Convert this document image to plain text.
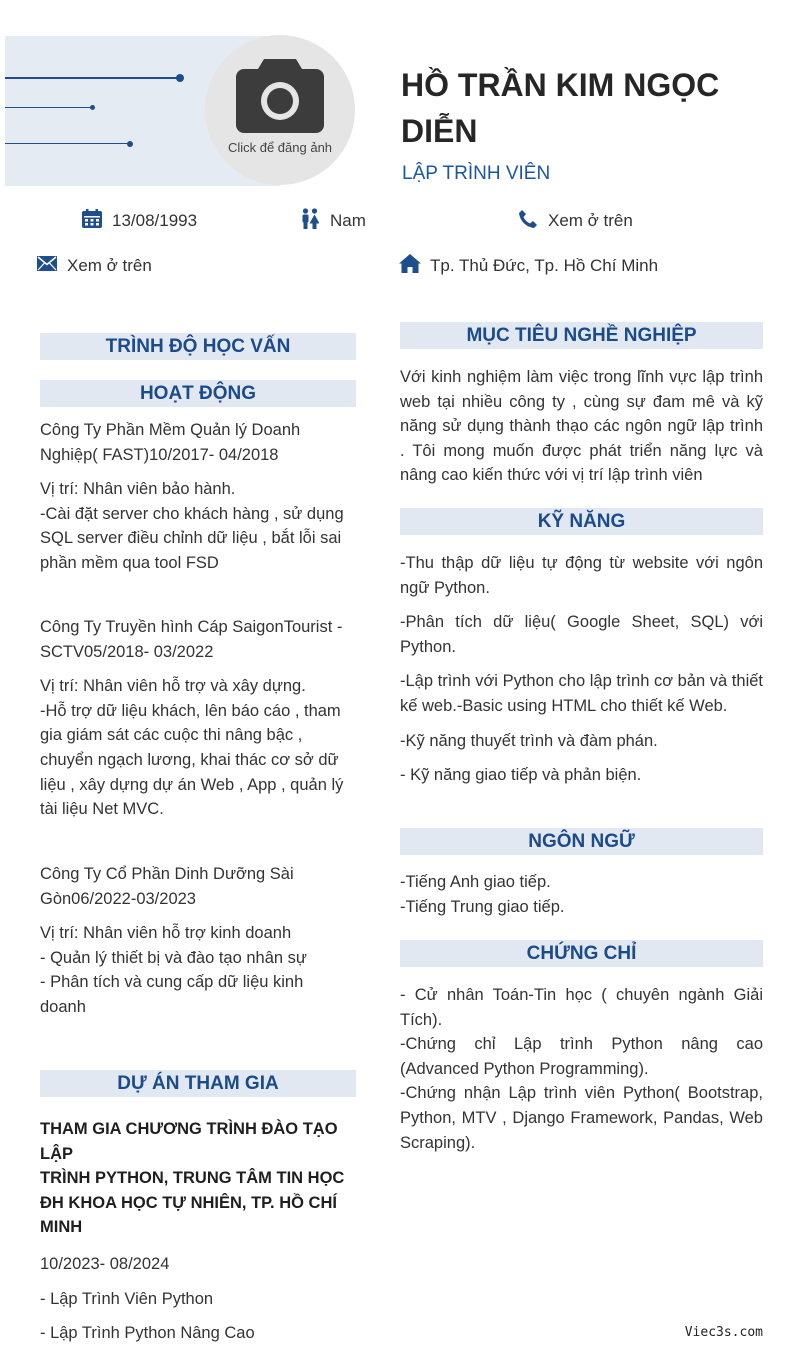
Click để đăng ảnh
HỒ TRẦN KIM NGỌC
DIỄN
LẬP TRÌNH VIÊN
13/08/1993	Nam	Xem ở trên
Xem ở trên	Tp. Thủ Đức, Tp. Hồ Chí Minh
TRÌNH ĐỘ HỌC VẤN
HOẠT ĐỘNG
Công Ty Phần Mềm Quản lý Doanh
Nghiệp( FAST)10/2017- 04/2018
Vị trí: Nhân viên bảo hành.
-Cài đặt server cho khách hàng , sử dụng
SQL server điều chỉnh dữ liệu , bắt lỗi sai
phần mềm qua tool FSD
Công Ty Truyền hình Cáp SaigonTourist -
SCTV05/2018- 03/2022
Vị trí: Nhân viên hỗ trợ và xây dựng.
-Hỗ trợ dữ liệu khách, lên báo cáo , tham
gia giám sát các cuộc thi nâng bậc ,
chuyển ngạch lương, khai thác cơ sở dữ
liệu , xây dựng dự án Web , App , quản lý
tài liệu Net MVC.
Công Ty Cổ Phần Dinh Dưỡng Sài
Gòn06/2022-03/2023
Vị trí: Nhân viên hỗ trợ kinh doanh
- Quản lý thiết bị và đào tạo nhân sự
- Phân tích và cung cấp dữ liệu kinh
doanh
DỰ ÁN THAM GIA
THAM GIA CHƯƠNG TRÌNH ĐÀO TẠO LẬP
TRÌNH PYTHON, TRUNG TÂM TIN HỌC
ĐH KHOA HỌC TỰ NHIÊN, TP. HỒ CHÍ
MINH
10/2023- 08/2024
- Lập Trình Viên Python
- Lập Trình Python Nâng Cao
MỤC TIÊU NGHỀ NGHIỆP
Với kinh nghiệm làm việc trong lĩnh vực lập trình web tại nhiều công ty , cùng sự đam mê và kỹ năng sử dụng thành thạo các ngôn ngữ lập trình . Tôi mong muốn được phát triển năng lực và nâng cao kiến thức với vị trí lập trình viên
KỸ NĂNG

-Thu thập dữ liệu tự động từ website với ngôn ngữ Python.

-Phân tích dữ liệu( Google Sheet, SQL) với Python.

-Lập trình với Python cho lập trình cơ bản và thiết kế web.-Basic using HTML cho thiết kế Web.

-Kỹ năng thuyết trình và đàm phán.

- Kỹ năng giao tiếp và phản biện.

NGÔN NGỮ
-Tiếng Anh giao tiếp.
-Tiếng Trung giao tiếp.
CHỨNG CHỈ

- Cử nhân Toán-Tin học ( chuyên ngành Giải Tích).

-Chứng chỉ Lập trình Python nâng cao (Advanced Python Programming).

-Chứng nhận Lập trình viên Python( Bootstrap, Python, MTV , Django Framework, Pandas, Web Scraping).

Viec3s.com
